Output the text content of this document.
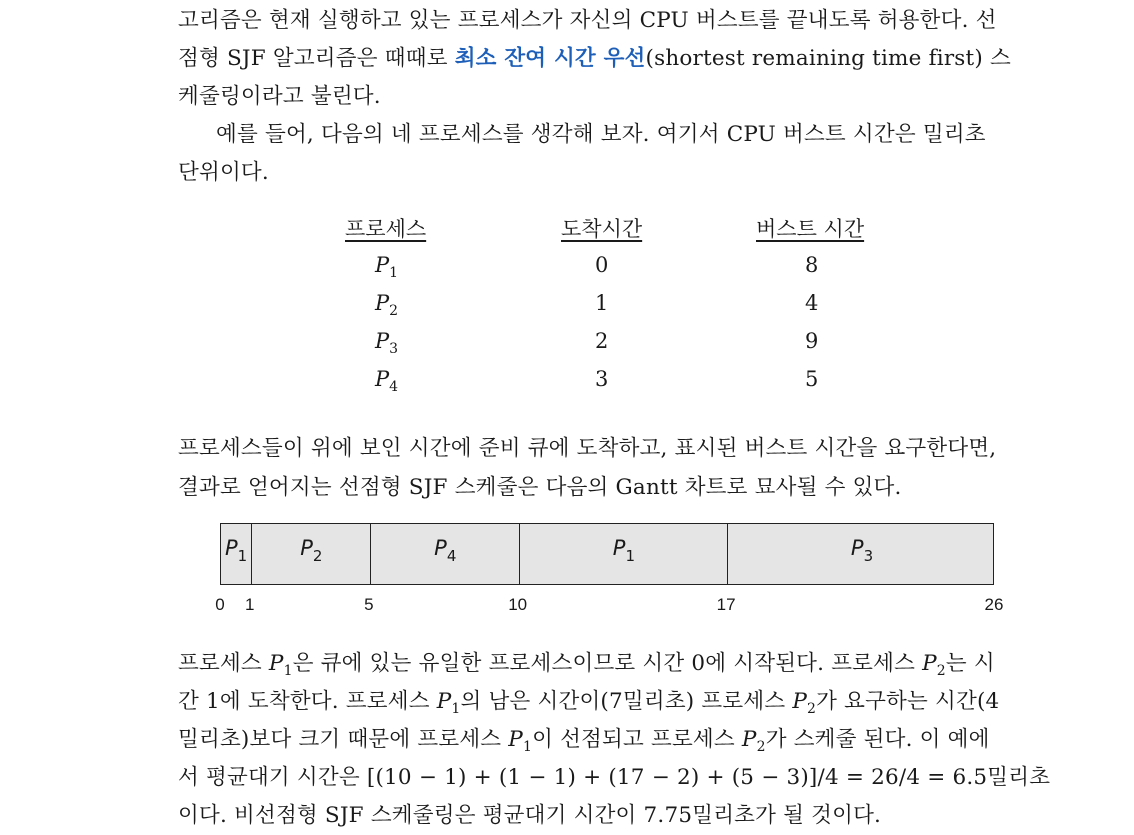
고리즘은 현재 실행하고 있는 프로세스가 자신의 CPU 버스트를 끝내도록 허용한다. 선
점형 SJF 알고리즘은 때때로 최소 잔여 시간 우선(shortest remaining time first) 스
케줄링이라고 불린다.
예를 들어, 다음의 네 프로세스를 생각해 보자. 여기서 CPU 버스트 시간은 밀리초
단위이다.
프로세스	도착시간	버스트 시간
$P_1$	0	8
$P_2$	1	4
$P_3$	2	9
$P_4$	3	5
프로세스들이 위에 보인 시간에 준비 큐에 도착하고, 표시된 버스트 시간을 요구한다면,
결과로 얻어지는 선점형 SJF 스케줄은 다음의 Gantt 차트로 묘사될 수 있다.
$P_1$	$P_2$	$P_4$	$P_1$	$P_3$
0 1	5	10	17	26
프로세스 $P_1$은 큐에 있는 유일한 프로세스이므로 시간 0에 시작된다. 프로세스 $P_2$는 시
간 1에 도착한다. 프로세스 $P_1$의 남은 시간이(7밀리초) 프로세스 $P_2$가 요구하는 시간(4
밀리초)보다 크기 때문에 프로세스 $P_1$이 선점되고 프로세스 $P_2$가 스케줄 된다. 이 예에
서 평균대기 시간은 [(10 − 1) + (1 − 1) + (17 − 2) + (5 − 3)]/4 = 26/4 = 6.5밀리초
이다. 비선점형 SJF 스케줄링은 평균대기 시간이 7.75밀리초가 될 것이다.
